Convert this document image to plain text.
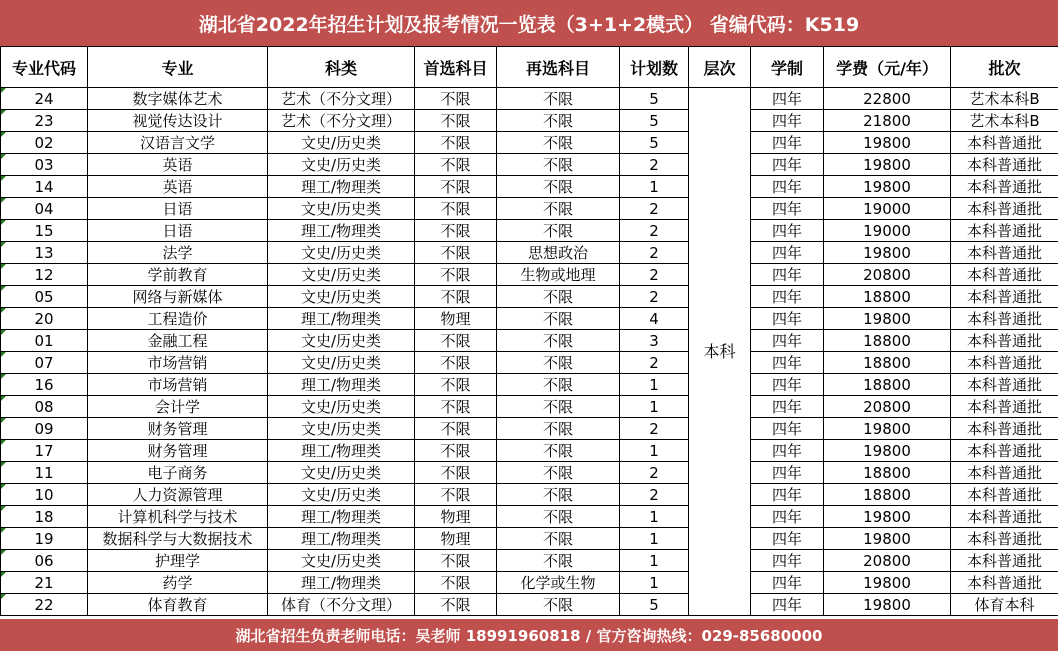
湖北省2022年招生计划及报考情况一览表（3+1+2模式） 省编代码：K519
专业代码	专业	科类	首选科目	再选科目	计划数	层次	学制	学费（元/年）	批次
24	数字媒体艺术	艺术（不分文理）	不限	不限	5	本科	四年	22800	艺术本科B
23	视觉传达设计	艺术（不分文理）	不限	不限	5		四年	21800	艺术本科B
02	汉语言文学	文史/历史类	不限	不限	5		四年	19800	本科普通批
03	英语	文史/历史类	不限	不限	2		四年	19800	本科普通批
14	英语	理工/物理类	不限	不限	1		四年	19800	本科普通批
04	日语	文史/历史类	不限	不限	2		四年	19000	本科普通批
15	日语	理工/物理类	不限	不限	2		四年	19000	本科普通批
13	法学	文史/历史类	不限	思想政治	2		四年	19800	本科普通批
12	学前教育	文史/历史类	不限	生物或地理	2		四年	20800	本科普通批
05	网络与新媒体	文史/历史类	不限	不限	2		四年	18800	本科普通批
20	工程造价	理工/物理类	物理	不限	4		四年	19800	本科普通批
01	金融工程	文史/历史类	不限	不限	3		四年	18800	本科普通批
07	市场营销	文史/历史类	不限	不限	2		四年	18800	本科普通批
16	市场营销	理工/物理类	不限	不限	1		四年	18800	本科普通批
08	会计学	文史/历史类	不限	不限	1		四年	20800	本科普通批
09	财务管理	文史/历史类	不限	不限	2		四年	19800	本科普通批
17	财务管理	理工/物理类	不限	不限	1		四年	19800	本科普通批
11	电子商务	文史/历史类	不限	不限	2		四年	18800	本科普通批
10	人力资源管理	文史/历史类	不限	不限	2		四年	18800	本科普通批
18	计算机科学与技术	理工/物理类	物理	不限	1		四年	19800	本科普通批
19	数据科学与大数据技术	理工/物理类	物理	不限	1		四年	19800	本科普通批
06	护理学	文史/历史类	不限	不限	1		四年	20800	本科普通批
21	药学	理工/物理类	不限	化学或生物	1		四年	19800	本科普通批
22	体育教育	体育（不分文理）	不限	不限	5		四年	19800	体育本科
湖北省招生负责老师电话：吴老师 18991960818 / 官方咨询热线：029-85680000
